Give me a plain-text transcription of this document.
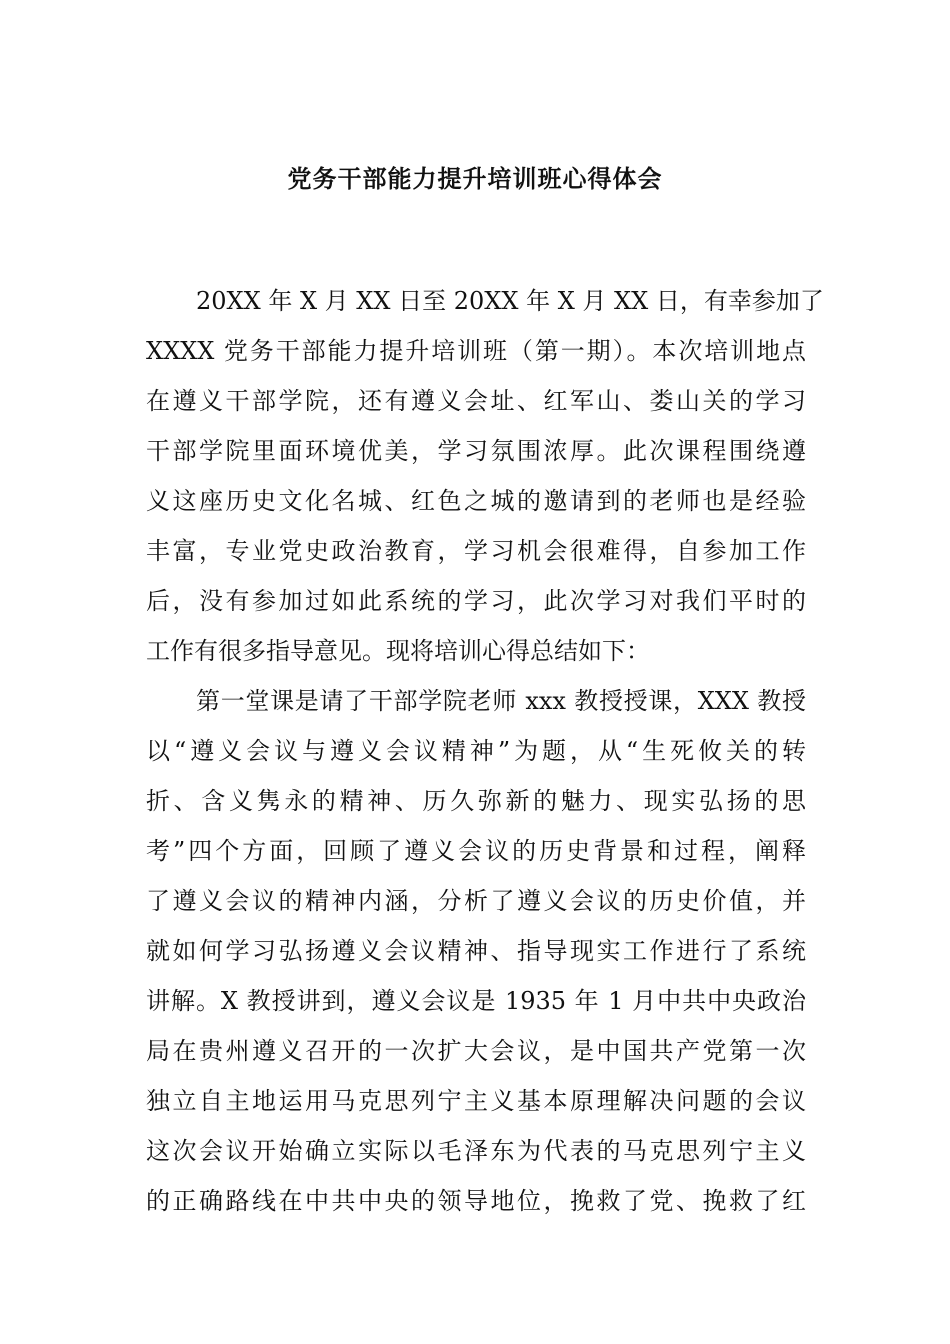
党务干部能力提升培训班心得体会
20XX 年 X 月 XX 日至 20XX 年 X 月 XX 日，有幸参加了
XXXX 党务干部能力提升培训班（第一期）。本次培训地点
在遵义干部学院，还有遵义会址、红军山、娄山关的学习
干部学院里面环境优美，学习氛围浓厚。此次课程围绕遵
义这座历史文化名城、红色之城的邀请到的老师也是经验
丰富，专业党史政治教育，学习机会很难得，自参加工作
后，没有参加过如此系统的学习，此次学习对我们平时的
工作有很多指导意见。现将培训心得总结如下：
第一堂课是请了干部学院老师 xxx 教授授课，XXX 教授
以“遵义会议与遵义会议精神”为题，从“生死攸关的转
折、含义隽永的精神、历久弥新的魅力、现实弘扬的思
考”四个方面，回顾了遵义会议的历史背景和过程，阐释
了遵义会议的精神内涵，分析了遵义会议的历史价值，并
就如何学习弘扬遵义会议精神、指导现实工作进行了系统
讲解。X 教授讲到，遵义会议是 1935 年 1 月中共中央政治
局在贵州遵义召开的一次扩大会议，是中国共产党第一次
独立自主地运用马克思列宁主义基本原理解决问题的会议
这次会议开始确立实际以毛泽东为代表的马克思列宁主义
的正确路线在中共中央的领导地位，挽救了党、挽救了红
